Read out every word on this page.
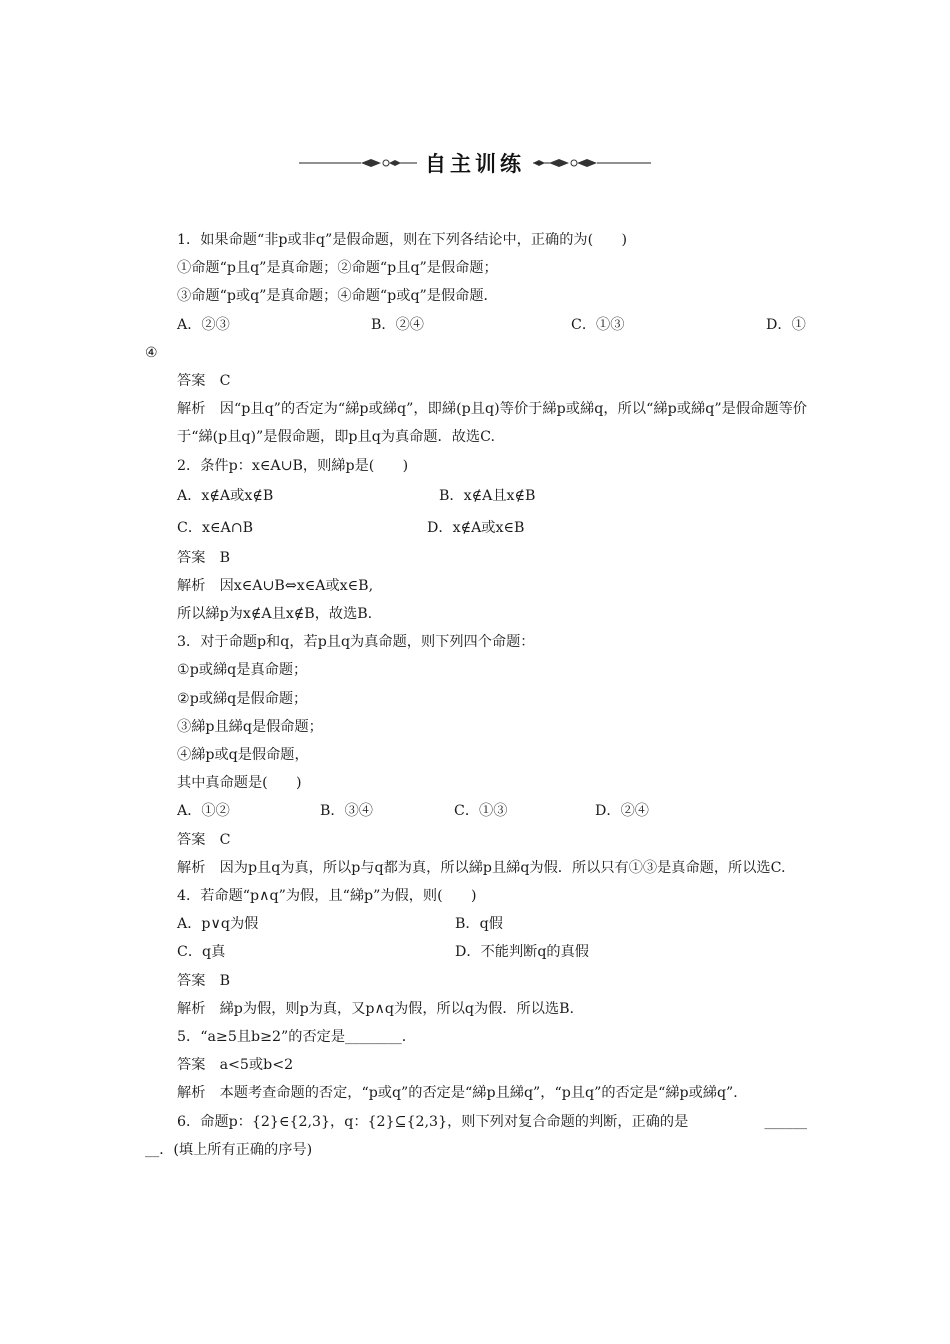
自主训练
1．如果命题“非p或非q”是假命题，则在下列各结论中，正确的为(　　)
①命题“p且q”是真命题；②命题“p且q”是假命题；
③命题“p或q”是真命题；④命题“p或q”是假命题．
A．②③	B．②④	C．①③	D．①
④
答案　C
解析　因“p且q”的否定为“綈p或綈q”，即綈(p且q)等价于綈p或綈q，所以“綈p或綈q”是假命题等价于“綈(p且q)”是假命题，即p且q为真命题．故选C.
2．条件p：x∈A∪B，则綈p是(　　)
A．x∉A或x∉B	B．x∉A且x∉B
C．x∈A∩B	D．x∉A或x∈B
答案　B
解析　因x∈A∪B⇔x∈A或x∈B,
所以綈p为x∉A且x∉B，故选B.
3．对于命题p和q，若p且q为真命题，则下列四个命题：
①p或綈q是真命题；
②p或綈q是假命题；
③綈p且綈q是假命题；
④綈p或q是假命题，
其中真命题是(　　)
A．①②	B．③④	C．①③	D．②④
答案　C
解析　因为p且q为真，所以p与q都为真，所以綈p且綈q为假．所以只有①③是真命题，所以选C.
4．若命题“p∧q”为假，且“綈p”为假，则(　　)
A．p∨q为假	B．q假
C．q真	D．不能判断q的真假
答案　B
解析　綈p为假，则p为真，又p∧q为假，所以q为假．所以选B.
5．“a≥5且b≥2”的否定是________．
答案　a<5或b<2
解析　本题考查命题的否定，“p或q”的否定是“綈p且綈q”，“p且q”的否定是“綈p或綈q”．
6．命题p：{2}∈{2,3}，q：{2}⊆{2,3}，则下列对复合命题的判断，正确的是	______
__．(填上所有正确的序号)
